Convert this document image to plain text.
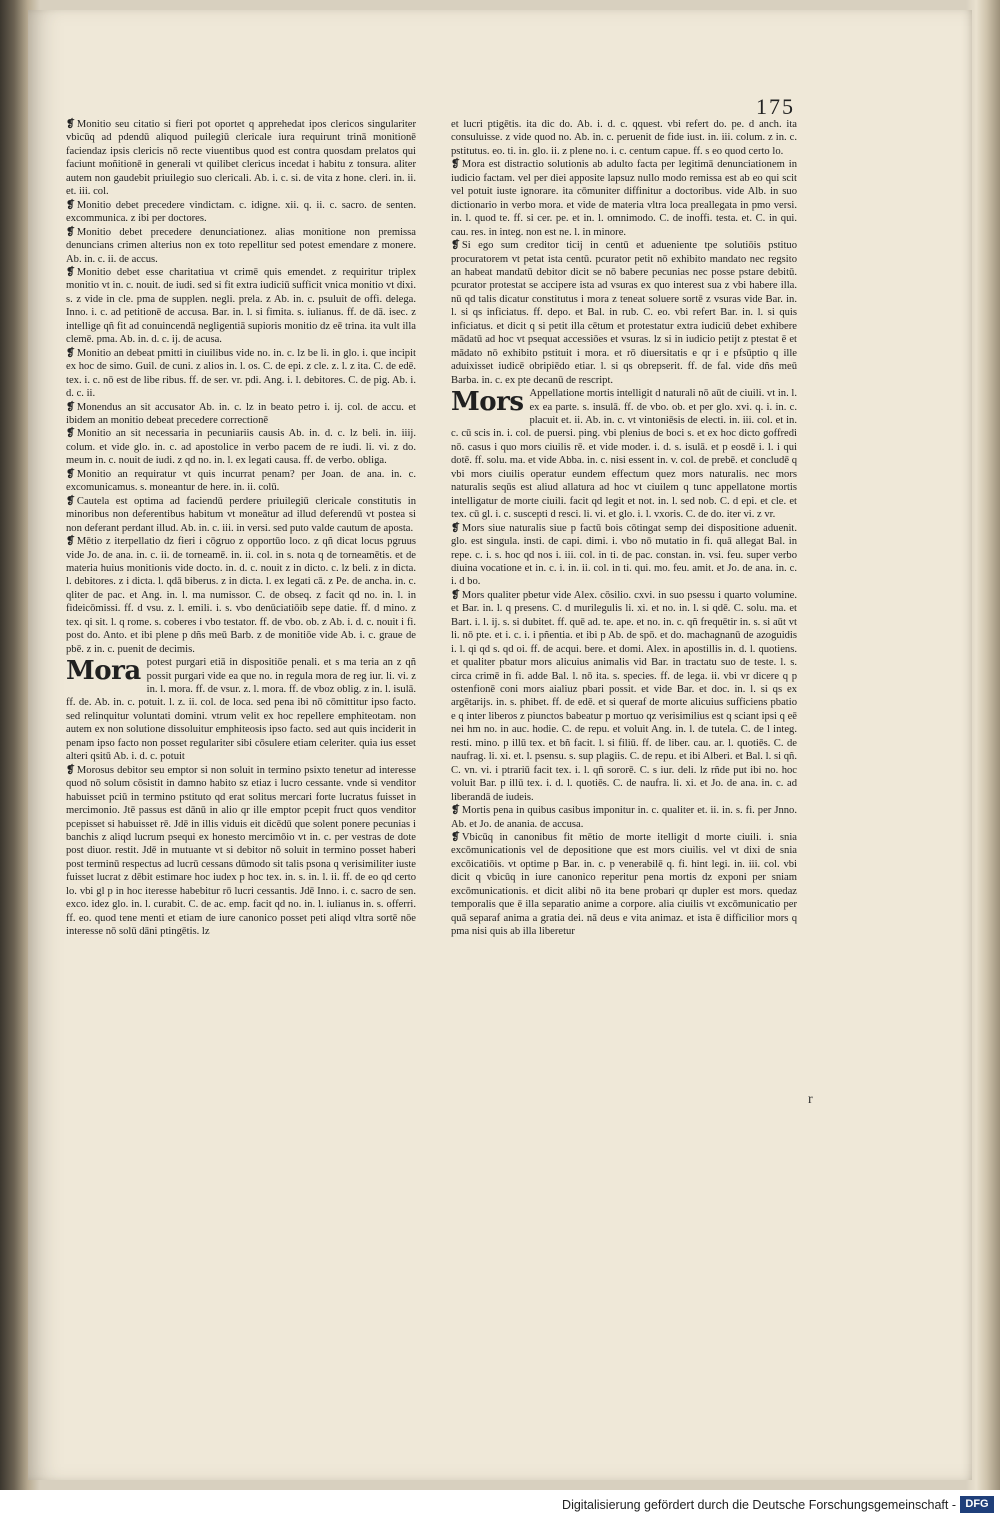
175

❡ Monitio seu citatio si fieri pot oportet q apprehedat ipos clericos singulariter vbicūq ad pdendū aliquod puilegiū clericale iura requirunt trinā monitionē faciendaz ipsis clericis nō recte viuentibus quod est contra quosdam prelatos qui faciunt moñitionē in generali vt quilibet clericus incedat i habitu z tonsura. aliter autem non gaudebit priuilegio suo clericali. Ab. i. c. si. de vita z hone. cleri. in. ii. et. iii. col.

❡ Monitio debet precedere vindictam. c. idigne. xii. q. ii. c. sacro. de senten. excommunica. z ibi per doctores.

❡ Monitio debet precedere denunciationez. alias monitione non premissa denuncians crimen alterius non ex toto repellitur sed potest emendare z monere. Ab. in. c. ii. de accus.

❡ Monitio debet esse charitatiua vt crimē quis emendet. z requiritur triplex monitio vt in. c. nouit. de iudi. sed si fit extra iudiciū sufficit vnica monitio vt dixi. s. z vide in cle. pma de supplen. negli. prela. z Ab. in. c. psuluit de offi. delega. Inno. i. c. ad petitionē de accusa. Bar. in. l. si fimita. s. iulianus. ff. de dā. isec. z intellige qñ fit ad conuincendā negligentiā supioris monitio dz eē trina. ita vult illa clemē. pma. Ab. in. d. c. ij. de acusa.

❡ Monitio an debeat pmitti in ciuilibus vide no. in. c. lz be li. in glo. i. que incipit ex hoc de simo. Guil. de cuni. z alios in. l. os. C. de epi. z cle. z. l. z ita. C. de edē. tex. i. c. nō est de libe ribus. ff. de ser. vr. pdi. Ang. i. l. debitores. C. de pig. Ab. i. d. c. ii.

❡ Monendus an sit accusator Ab. in. c. lz in beato petro i. ij. col. de accu. et ibidem an monitio debeat precedere correctionē

❡ Monitio an sit necessaria in pecuniariis causis Ab. in. d. c. lz beli. in. iiij. colum. et vide glo. in. c. ad apostolice in verbo pacem de re iudi. li. vi. z do. meum in. c. nouit de iudi. z qd no. in. l. ex legati causa. ff. de verbo. obliga.

❡ Monitio an requiratur vt quis incurrat penam? per Joan. de ana. in. c. excomunicamus. s. moneantur de here. in. ii. colū.

❡ Cautela est optima ad faciendū perdere priuilegiū clericale constitutis in minoribus non deferentibus habitum vt moneātur ad illud deferendū vt postea si non deferant perdant illud. Ab. in. c. iii. in versi. sed puto valde cautum de aposta.

❡ Mētio z iterpellatio dz fieri i cōgruo z opportūo loco. z qñ dicat locus pgruus vide Jo. de ana. in. c. ii. de torneamē. in. ii. col. in s. nota q de torneamētis. et de materia huius monitionis vide docto. in. d. c. nouit z in dicto. c. lz beli. z in dicta. l. debitores. z i dicta. l. qdā biberus. z in dicta. l. ex legati cā. z Pe. de ancha. in. c. qliter de pac. et Ang. in. l. ma numissor. C. de obseq. z facit qd no. in. l. in fideicōmissi. ff. d vsu. z. l. emili. i. s. vbo denūciatiōib sepe datie. ff. d mino. z tex. qi sit. l. q rome. s. coberes i vbo testator. ff. de vbo. ob. z Ab. i. d. c. nouit i fi. post do. Anto. et ibi plene p dñs meū Barb. z de monitiōe vide Ab. i. c. graue de pbē. z in. c. puenit de decimis.

Mora potest purgari etiā in dispositiōe penali. et s ma teria an z qñ possit purgari vide ea que no. in regula mora de reg iur. li. vi. z in. l. mora. ff. de vsur. z. l. mora. ff. de vboz oblig. z in. l. isulā. ff. de. Ab. in. c. potuit. l. z. ii. col. de loca. sed pena ibi nō cōmittitur ipso facto. sed relinquitur voluntati domini. vtrum velit ex hoc repellere emphiteotam. non autem ex non solutione dissoluitur emphiteosis ipso facto. sed aut quis inciderit in penam ipso facto non posset regulariter sibi cōsulere etiam celeriter. quia ius esset alteri qsitū Ab. i. d. c. potuit

❡ Morosus debitor seu emptor si non soluit in termino psixto tenetur ad interesse quod nō solum cōsistit in damno habito sz etiaz i lucro cessante. vnde si venditor habuisset pciū in termino pstituto qd erat solitus mercari forte lucratus fuisset in mercimonio. Jtē passus est dānū in alio qr ille emptor pcepit fruct quos venditor pcepisset si habuisset rē. Jdē in illis viduis eit dicēdū que solent ponere pecunias i banchis z aliqd lucrum psequi ex honesto mercimōio vt in. c. per vestras de dote post diuor. restit. Jdē in mutuante vt si debitor nō soluit in termino posset haberi post terminū respectus ad lucrū cessans dūmodo sit talis psona q verisimiliter iuste fuisset lucrat z dēbit estimare hoc iudex p hoc tex. in. s. in. l. ii. ff. de eo qd certo lo. vbi gl p in hoc iteresse habebitur rō lucri cessantis. Jdē Inno. i. c. sacro de sen. exco. idez glo. in. l. curabit. C. de ac. emp. facit qd no. in. l. iulianus in. s. offerri. ff. eo. quod tene menti et etiam de iure canonico posset peti aliqd vltra sortē nōe interesse nō solū dāni ptingētis. lz

et lucri ptigētis. ita dic do. Ab. i. d. c. qquest. vbi refert do. pe. d anch. ita consuluisse. z vide quod no. Ab. in. c. peruenit de fide iust. in. iii. colum. z in. c. pstitutus. eo. ti. in. glo. ii. z plene no. i. c. centum capue. ff. s eo quod certo lo.

❡ Mora est distractio solutionis ab adulto facta per legitimā denunciationem in iudicio factam. vel per diei apposite lapsuz nullo modo remissa est ab eo qui scit vel potuit iuste ignorare. ita cōmuniter diffinitur a doctoribus. vide Alb. in suo dictionario in verbo mora. et vide de materia vltra loca preallegata in pmo versi. in. l. quod te. ff. si cer. pe. et in. l. omnimodo. C. de inoffi. testa. et. C. in qui. cau. res. in integ. non est ne. l. in minore.

❡ Si ego sum creditor ticij in centū et adueniente tpe solutiōis pstituo procuratorem vt petat ista centū. pcurator petit nō exhibito mandato nec regsito an habeat mandatū debitor dicit se nō babere pecunias nec posse pstare debitū. pcurator protestat se accipere ista ad vsuras ex quo interest sua z vbi habere illa. nū qd talis dicatur constitutus i mora z teneat soluere sortē z vsuras vide Bar. in. l. si qs inficiatus. ff. depo. et Bal. in rub. C. eo. vbi refert Bar. in. l. si quis inficiatus. et dicit q si petit illa cētum et protestatur extra iudiciū debet exhibere mādatū ad hoc vt psequat accessiōes et vsuras. lz si in iudicio petijt z ptestat ē et mādato nō exhibito pstituit i mora. et rō diuersitatis e qr i e pfsūptio q ille aduixisset iudicē obripiēdo etiar. l. si qs obrepserit. ff. de fal. vide dñs meū Barba. in. c. ex pte decanū de rescript.

Mors Appellatione mortis intelligit d naturali nō aūt de ciuili. vt in. l. ex ea parte. s. insulā. ff. de vbo. ob. et per glo. xvi. q. i. in. c. placuit et. ii. Ab. in. c. vt vintoniēsis de electi. in. iii. col. et in. c. cū scis in. i. col. de puersi. ping. vbi plenius de boci s. et ex hoc dicto goffredi nō. casus i quo mors ciuilis rē. et vide moder. i. d. s. isulā. et p eosdē i. l. i qui dotē. ff. solu. ma. et vide Abba. in. c. nisi essent in. v. col. de prebē. et concludē q vbi mors ciuilis operatur eundem effectum quez mors naturalis. nec mors naturalis seqūs est aliud allatura ad hoc vt ciuilem q tunc appellatone mortis intelligatur de morte ciuili. facit qd legit et not. in. l. sed nob. C. d epi. et cle. et tex. cū gl. i. c. suscepti d resci. li. vi. et glo. i. l. vxoris. C. de do. iter vi. z vr.

❡ Mors siue naturalis siue p factū bois cōtingat semp dei dispositione aduenit. glo. est singula. insti. de capi. dimi. i. vbo nō mutatio in fi. quā allegat Bal. in repe. c. i. s. hoc qd nos i. iii. col. in ti. de pac. constan. in. vsi. feu. super verbo diuina vocatione et in. c. i. in. ii. col. in ti. qui. mo. feu. amit. et Jo. de ana. in. c. i. d bo.

❡ Mors qualiter pbetur vide Alex. cōsilio. cxvi. in suo psessu i quarto volumine. et Bar. in. l. q presens. C. d murilegulis li. xi. et no. in. l. si qdē. C. solu. ma. et Bart. i. l. ij. s. si dubitet. ff. quē ad. te. ape. et no. in. c. qñ frequētir in. s. si aūt vt li. nō pte. et i. c. i. i pñentia. et ibi p Ab. de spō. et do. machagnanū de azoguidis i. l. qi qd s. qd oi. ff. de acqui. bere. et domi. Alex. in apostillis in. d. l. quotiens. et qualiter pbatur mors alicuius animalis vid Bar. in tractatu suo de teste. l. s. circa crimē in fi. adde Bal. l. nō ita. s. species. ff. de lega. ii. vbi vr dicere q p ostenfionē coni mors aialiuz pbari possit. et vide Bar. et doc. in. l. si qs ex argētarijs. in. s. phibet. ff. de edē. et si queraf de morte alicuius sufficiens pbatio e q inter liberos z piunctos babeatur p mortuo qz verisimilius est q sciant ipsi q eē nei hm no. in auc. hodie. C. de repu. et voluit Ang. in. l. de tutela. C. de l integ. resti. mino. p illū tex. et bñ facit. l. si filiū. ff. de liber. cau. ar. l. quotiēs. C. de naufrag. li. xi. et. l. psensu. s. sup plagiis. C. de repu. et ibi Alberi. et Bal. l. si qñ. C. vn. vi. i ptrariū facit tex. i. l. qñ sororē. C. s iur. deli. lz rñde put ibi no. hoc voluit Bar. p illū tex. i. d. l. quotiēs. C. de naufra. li. xi. et Jo. de ana. in. c. ad liberandā de iudeis.

❡ Mortis pena in quibus casibus imponitur in. c. qualiter et. ii. in. s. fi. per Jnno. Ab. et Jo. de anania. de accusa.

❡ Vbicūq in canonibus fit mētio de morte itelligit d morte ciuili. i. snia excōmunicationis vel de depositione que est mors ciuilis. vel vt dixi de snia excōicatiōis. vt optime p Bar. in. c. p venerabilē q. fi. hint legi. in. iii. col. vbi dicit q vbicūq in iure canonico reperitur pena mortis dz exponi per sniam excōmunicationis. et dicit alibi nō ita bene probari qr dupler est mors. quedaz temporalis que ē illa separatio anime a corpore. alia ciuilis vt excōmunicatio per quā separaf anima a gratia dei. nā deus e vita animaz. et ista ē difficilior mors q pma nisi quis ab illa liberetur

r
Digitalisierung gefördert durch die Deutsche Forschungsgemeinschaft - DFG
